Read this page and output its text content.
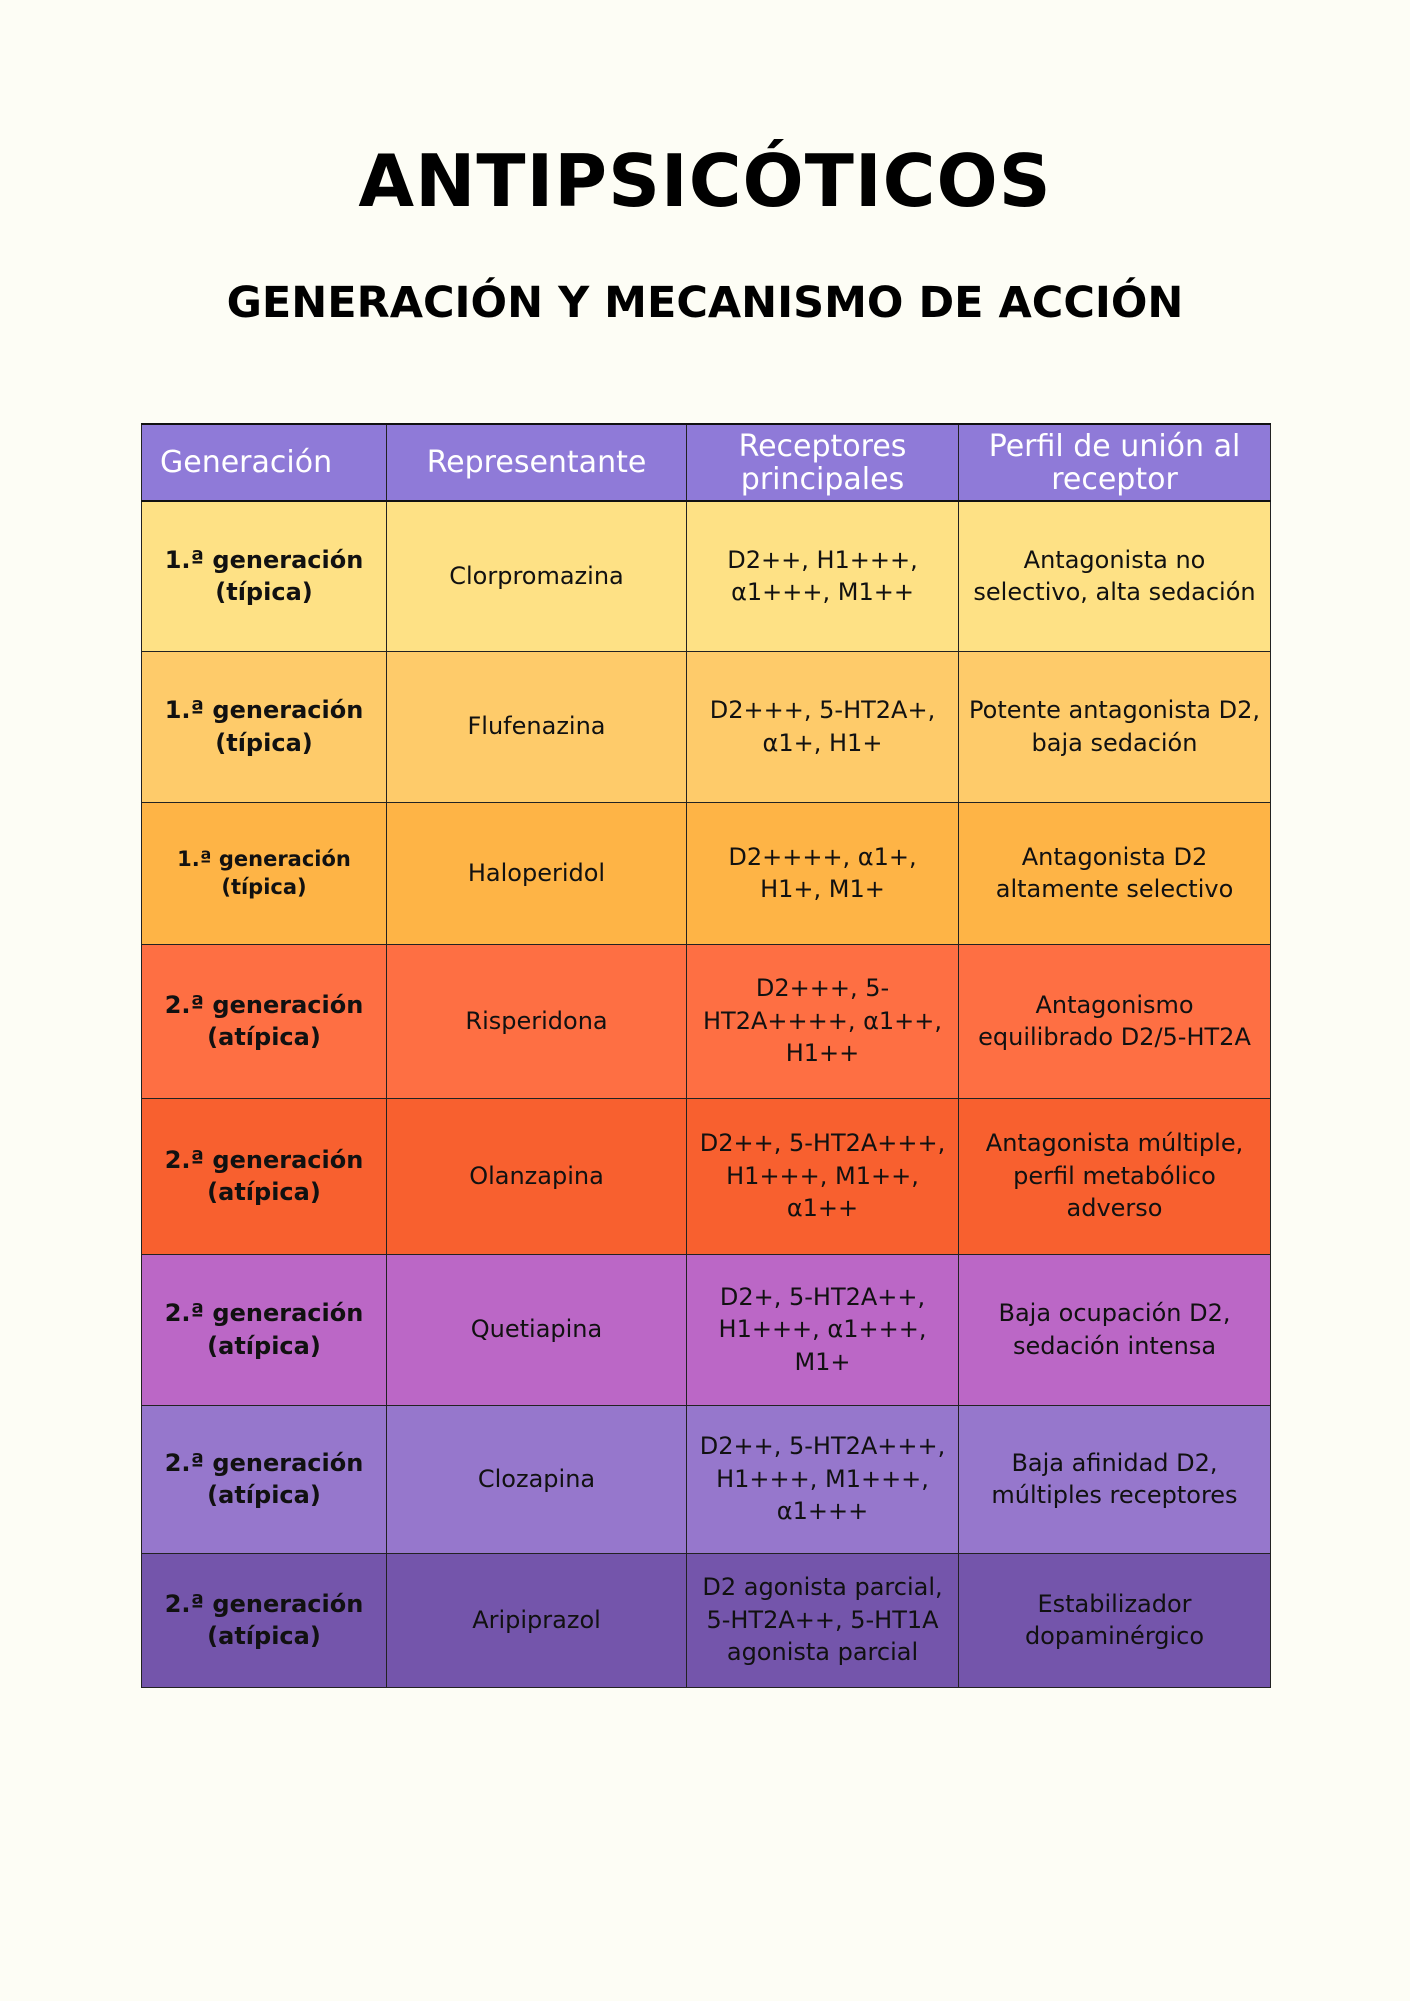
ANTIPSICÓTICOS
GENERACIÓN Y MECANISMO DE ACCIÓN
Generación	Representante	Receptores principales	Perfil de unión al receptor
1.ª generación (típica)	Clorpromazina	D2++, H1+++, α1+++, M1++	Antagonista no selectivo, alta sedación
1.ª generación (típica)	Flufenazina	D2+++, 5-HT2A+, α1+, H1+	Potente antagonista D2, baja sedación
1.ª generación (típica)	Haloperidol	D2++++, α1+, H1+, M1+	Antagonista D2 altamente selectivo
2.ª generación (atípica)	Risperidona	D2+++, 5-HT2A++++, α1++, H1++	Antagonismo equilibrado D2/5-HT2A
2.ª generación (atípica)	Olanzapina	D2++, 5-HT2A+++, H1+++, M1++, α1++	Antagonista múltiple, perfil metabólico adverso
2.ª generación (atípica)	Quetiapina	D2+, 5-HT2A++, H1+++, α1+++, M1+	Baja ocupación D2, sedación intensa
2.ª generación (atípica)	Clozapina	D2++, 5-HT2A+++, H1+++, M1+++, α1+++	Baja afinidad D2, múltiples receptores
2.ª generación (atípica)	Aripiprazol	D2 agonista parcial, 5-HT2A++, 5-HT1A agonista parcial	Estabilizador dopaminérgico
